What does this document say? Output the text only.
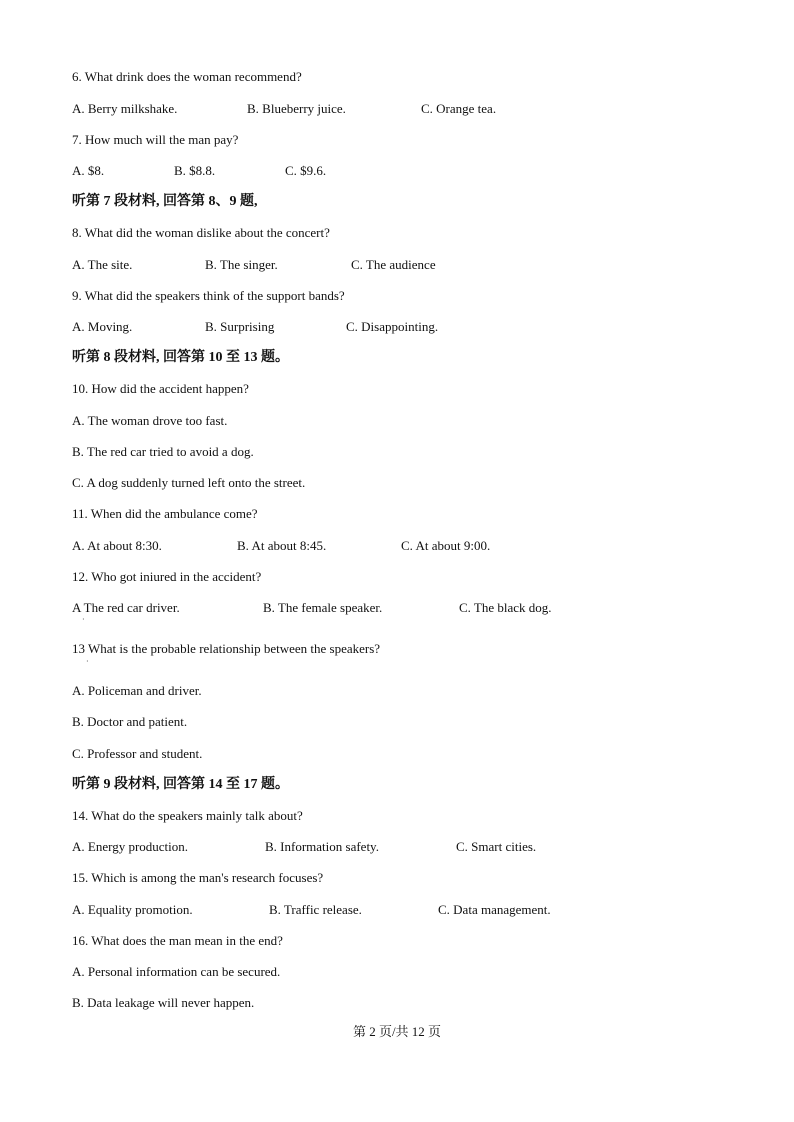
6. What drink does the woman recommend?
A. Berry milkshake.	B. Blueberry juice.	C. Orange tea.
7. How much will the man pay?
A. $8.	B. $8.8.	C. $9.6.
听第 7 段材料, 回答第 8、9 题,
8. What did the woman dislike about the concert?
A. The site.	B. The singer.	C. The audience
9. What did the speakers think of the support bands?
A. Moving.	B. Surprising	C. Disappointing.
听第 8 段材料, 回答第 10 至 13 题。
10. How did the accident happen?
A. The woman drove too fast.
B. The red car tried to avoid a dog.
C. A dog suddenly turned left onto the street.
11. When did the ambulance come?
A. At about 8:30.	B. At about 8:45.	C. At about 9:00.
12. Who got iniured in the accident?
A The red car driver.	B. The female speaker.	C. The black dog.
·
13 What is the probable relationship between the speakers?
·
A. Policeman and driver.
B. Doctor and patient.
C. Professor and student.
听第 9 段材料, 回答第 14 至 17 题。
14. What do the speakers mainly talk about?
A. Energy production.	B. Information safety.	C. Smart cities.
15. Which is among the man's research focuses?
A. Equality promotion.	B. Traffic release.	C. Data management.
16. What does the man mean in the end?
A. Personal information can be secured.
B. Data leakage will never happen.
第 2 页/共 12 页
